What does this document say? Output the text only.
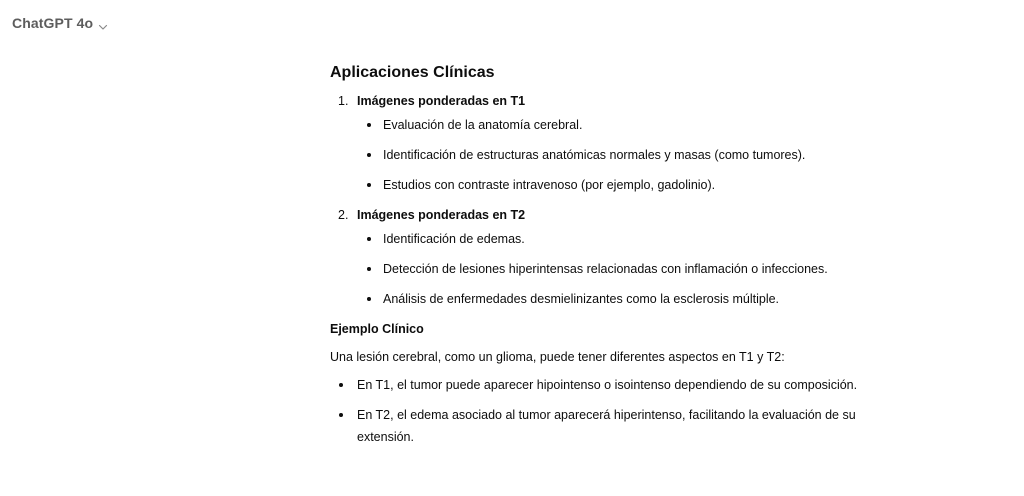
ChatGPT 4o
Aplicaciones Clínicas
1. Imágenes ponderadas en T1
Evaluación de la anatomía cerebral.
Identificación de estructuras anatómicas normales y masas (como tumores).
Estudios con contraste intravenoso (por ejemplo, gadolinio).
2. Imágenes ponderadas en T2
Identificación de edemas.
Detección de lesiones hiperintensas relacionadas con inflamación o infecciones.
Análisis de enfermedades desmielinizantes como la esclerosis múltiple.
Ejemplo Clínico

Una lesión cerebral, como un glioma, puede tener diferentes aspectos en T1 y T2:

En T1, el tumor puede aparecer hipointenso o isointenso dependiendo de su composición.
En T2, el edema asociado al tumor aparecerá hiperintenso, facilitando la evaluación de su extensión.
